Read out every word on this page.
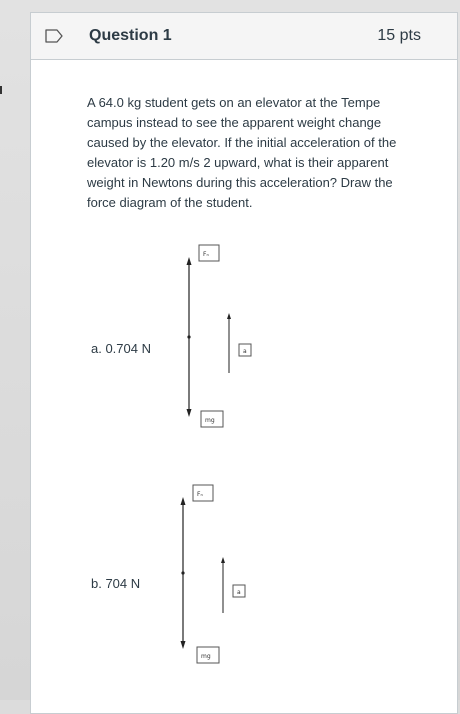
Question 1	15 pts
A 64.0 kg student gets on an elevator at the Tempe campus instead to see the apparent weight change caused by the elevator. If the initial acceleration of the elevator is 1.20 m/s 2 upward, what is their apparent weight in Newtons during this acceleration? Draw the force diagram of the student.
a. 0.704 N
Fₙ
mg
a
b. 704 N
Fₙ
mg
a
